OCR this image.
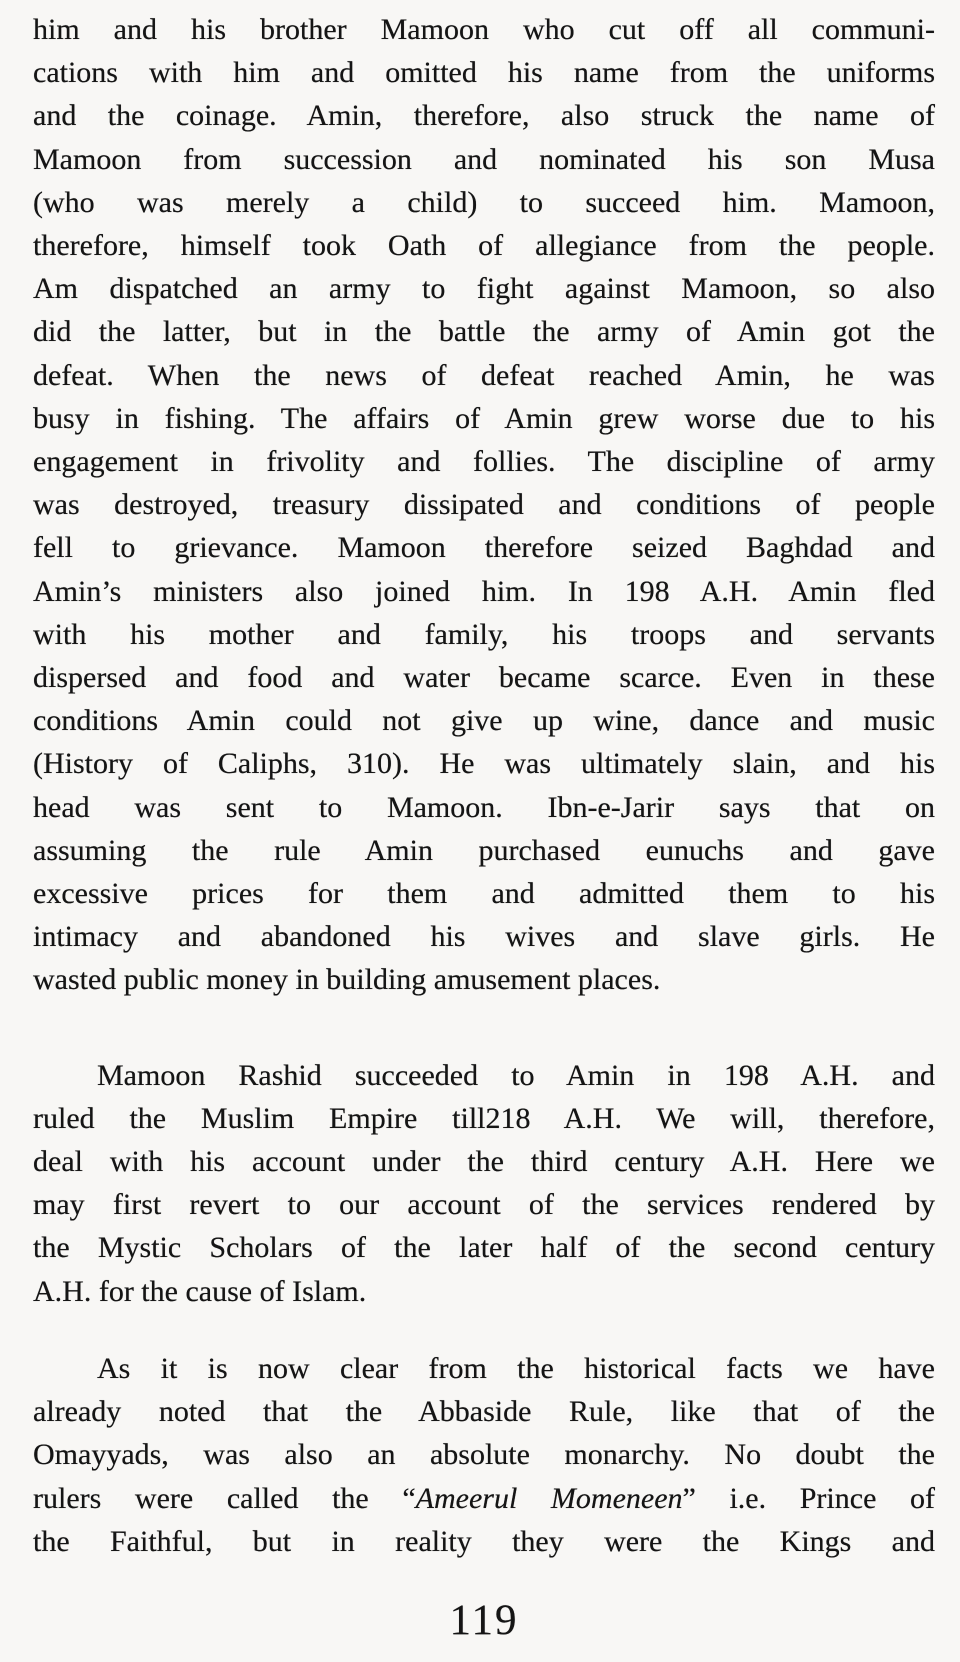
him and his brother Mamoon who cut off all communi-
cations with him and omitted his name from the uniforms
and the coinage. Amin, therefore, also struck the name of
Mamoon from succession and nominated his son Musa
(who was merely a child) to succeed him. Mamoon,
therefore, himself took Oath of allegiance from the people.
Am dispatched an army to fight against Mamoon, so also
did the latter, but in the battle the army of Amin got the
defeat. When the news of defeat reached Amin, he was
busy in fishing. The affairs of Amin grew worse due to his
engagement in frivolity and follies. The discipline of army
was destroyed, treasury dissipated and conditions of people
fell to grievance. Mamoon therefore seized Baghdad and
Amin’s ministers also joined him. In 198 A.H. Amin fled
with his mother and family, his troops and servants
dispersed and food and water became scarce. Even in these
conditions Amin could not give up wine, dance and music
(History of Caliphs, 310). He was ultimately slain, and his
head was sent to Mamoon. Ibn-e-Jarir says that on
assuming the rule Amin purchased eunuchs and gave
excessive prices for them and admitted them to his
intimacy and abandoned his wives and slave girls. He
wasted public money in building amusement places.
Mamoon Rashid succeeded to Amin in 198 A.H. and
ruled the Muslim Empire till218 A.H. We will, therefore,
deal with his account under the third century A.H. Here we
may first revert to our account of the services rendered by
the Mystic Scholars of the later half of the second century
A.H. for the cause of Islam.
As it is now clear from the historical facts we have
already noted that the Abbaside Rule, like that of the
Omayyads, was also an absolute monarchy. No doubt the
rulers were called the “Ameerul Momeneen” i.e. Prince of
the Faithful, but in reality they were the Kings and
119
